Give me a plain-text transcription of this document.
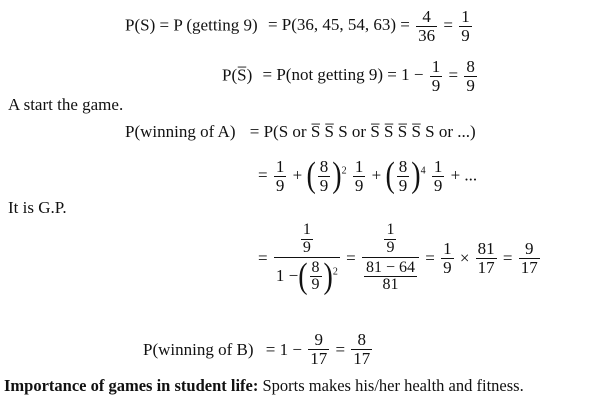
P(S) = P (getting 9) = P(36, 45, 54, $63) = \frac{4}{36} = \frac{1}{9}$
P(S̅) = P(not getting $9) = 1 - \frac{1}{9} = \frac{8}{9}$
A start the game.
P(winning of A) = P(S or S̅ S̅ S or S̅ S̅ S̅ S̅ S or ...)
= $\frac{1}{9}$ + ( $\frac{8}{9} )^2 \frac{1}{9}$ + ( $\frac{8}{9} )^4 \frac{1}{9}$ + ...
It is G.P.
= $\frac{\frac{1}{9}}{1 -( \frac{8}{9} )^2} = \frac{\frac{1}{9}}{\frac{81 - 64}{81}} = \frac{1}{9} \times \frac{81}{17} = \frac{9}{17}$
P(winning of $B) = 1 - \frac{9}{17} = \frac{8}{17}$
Importance of games in student life: Sports makes his/her health and fitness.
